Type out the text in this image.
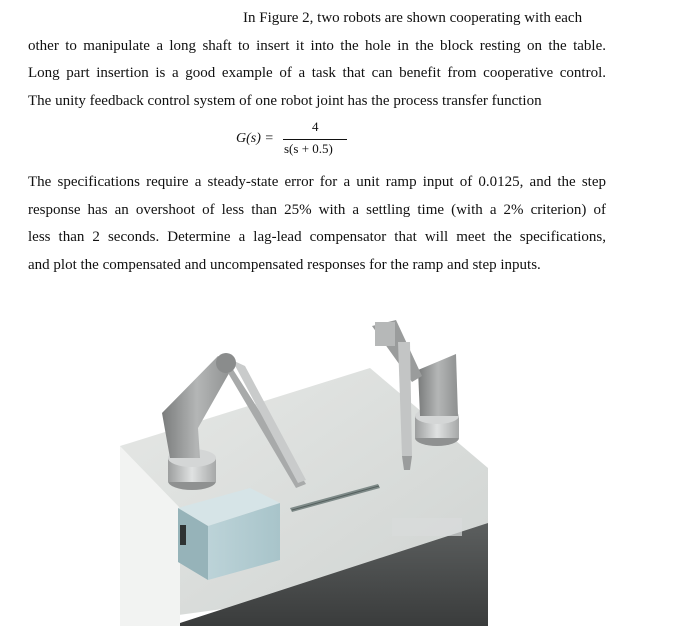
In Figure 2, two robots are shown cooperating with each
other to manipulate a long shaft to insert it into the hole in the block resting on the table.
Long part insertion is a good example of a task that can benefit from cooperative control.
The unity feedback control system of one robot joint has the process transfer function
G(s) =
4
s(s + 0.5)
The specifications require a steady-state error for a unit ramp input of 0.0125, and the step
response has an overshoot of less than 25% with a settling time (with a 2% criterion) of
less than 2 seconds. Determine a lag-lead compensator that will meet the specifications,
and plot the compensated and uncompensated responses for the ramp and step inputs.
